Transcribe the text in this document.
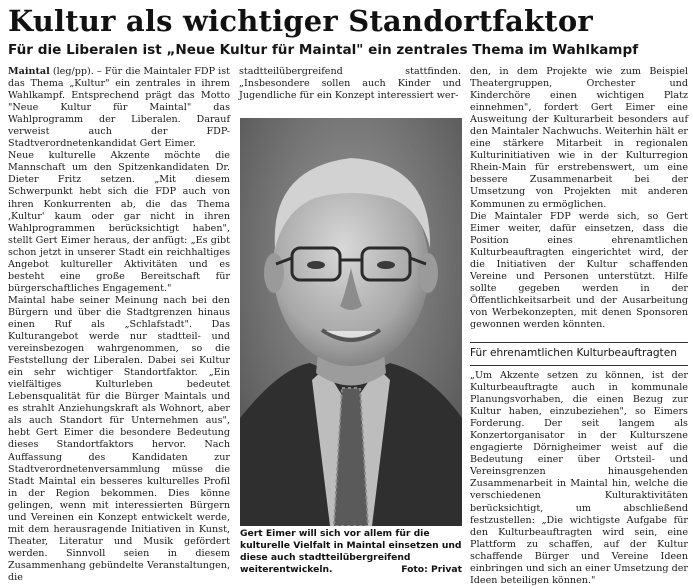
Kultur als wichtiger Standortfaktor
Für die Liberalen ist „Neue Kultur für Maintal" ein zentrales Thema im Wahlkampf

Maintal (leg/pp). – Für die Maintaler FDP ist das Thema „Kultur" ein zentrales in ihrem Wahlkampf. Entsprechend prägt das Motto "Neue Kultur für Maintal" das Wahlprogramm der Liberalen. Darauf verweist auch der FDP-Stadtverordnetenkandidat Gert Eimer.

Neue kulturelle Akzente möchte die Mannschaft um den Spitzenkandidaten Dr. Dieter Fritz setzen. „Mit diesem Schwerpunkt hebt sich die FDP auch von ihren Konkurrenten ab, die das Thema ‚Kultur' kaum oder gar nicht in ihren Wahlprogrammen berücksichtigt haben", stellt Gert Eimer heraus, der anfügt: „Es gibt schon jetzt in unserer Stadt ein reichhaltiges Angebot kultureller Aktivitäten und es besteht eine große Bereitschaft für bürgerschaftliches Engagement."

Maintal habe seiner Meinung nach bei den Bürgern und über die Stadtgrenzen hinaus einen Ruf als „Schlafstadt". Das Kulturangebot werde nur stadtteil- und vereinsbezogen wahrgenommen, so die Feststellung der Liberalen. Dabei sei Kultur ein sehr wichtiger Standortfaktor. „Ein vielfältiges Kulturleben bedeutet Lebensqualität für die Bürger Maintals und es strahlt Anziehungskraft als Wohnort, aber als auch Standort für Unternehmen aus", hebt Gert Eimer die besondere Bedeutung dieses Standortfaktors hervor. Nach Auffassung des Kandidaten zur Stadtverordnetenversammlung müsse die Stadt Maintal ein besseres kulturelles Profil in der Region bekommen. Dies könne gelingen, wenn mit interessierten Bürgern und Vereinen ein Konzept entwickelt werde, mit dem herausragende Initiativen in Kunst, Theater, Literatur und Musik gefördert werden. Sinnvoll seien in diesem Zusammenhang gebündelte Veranstaltungen, die

stadtteilübergreifend stattfinden. „Insbesondere sollen auch Kinder und Jugendliche für ein Konzept interessiert wer-

Gert Eimer will sich vor allem für die kulturelle Vielfalt in Maintal einsetzen und diese auch stadtteilübergreifend weiterentwickeln.	Foto: Privat

den, in dem Projekte wie zum Beispiel Theatergruppen, Orchester und Kinderchöre einen wichtigen Platz einnehmen", fordert Gert Eimer eine Ausweitung der Kulturarbeit besonders auf den Maintaler Nachwuchs. Weiterhin hält er eine stärkere Mitarbeit in regionalen Kulturinitiativen wie in der Kulturregion Rhein-Main für erstrebenswert, um eine bessere Zusammenarbeit bei der Umsetzung von Projekten mit anderen Kommunen zu ermöglichen.

Die Maintaler FDP werde sich, so Gert Eimer weiter, dafür einsetzen, dass die Position eines ehrenamtlichen Kulturbeauftragten eingerichtet wird, der die Initiativen der Kultur schaffenden Vereine und Personen unterstützt. Hilfe sollte gegeben werden in der Öffentlichkeitsarbeit und der Ausarbeitung von Werbekonzepten, mit denen Sponsoren gewonnen werden könnten.

Für ehrenamtlichen Kulturbeauftragten

„Um Akzente setzen zu können, ist der Kulturbeauftragte auch in kommunale Planungsvorhaben, die einen Bezug zur Kultur haben, einzubeziehen", so Eimers Forderung. Der seit langem als Konzertorganisator in der Kulturszene engagierte Dörnigheimer weist auf die Bedeutung einer über Ortsteil- und Vereinsgrenzen hinausgehenden Zusammenarbeit in Maintal hin, welche die verschiedenen Kulturaktivitäten berücksichtigt, um abschließend festzustellen: „Die wichtigste Aufgabe für den Kulturbeauftragten wird sein, eine Plattform zu schaffen, auf der Kultur schaffende Bürger und Vereine Ideen einbringen und sich an einer Umsetzung der Ideen beteiligen können."
